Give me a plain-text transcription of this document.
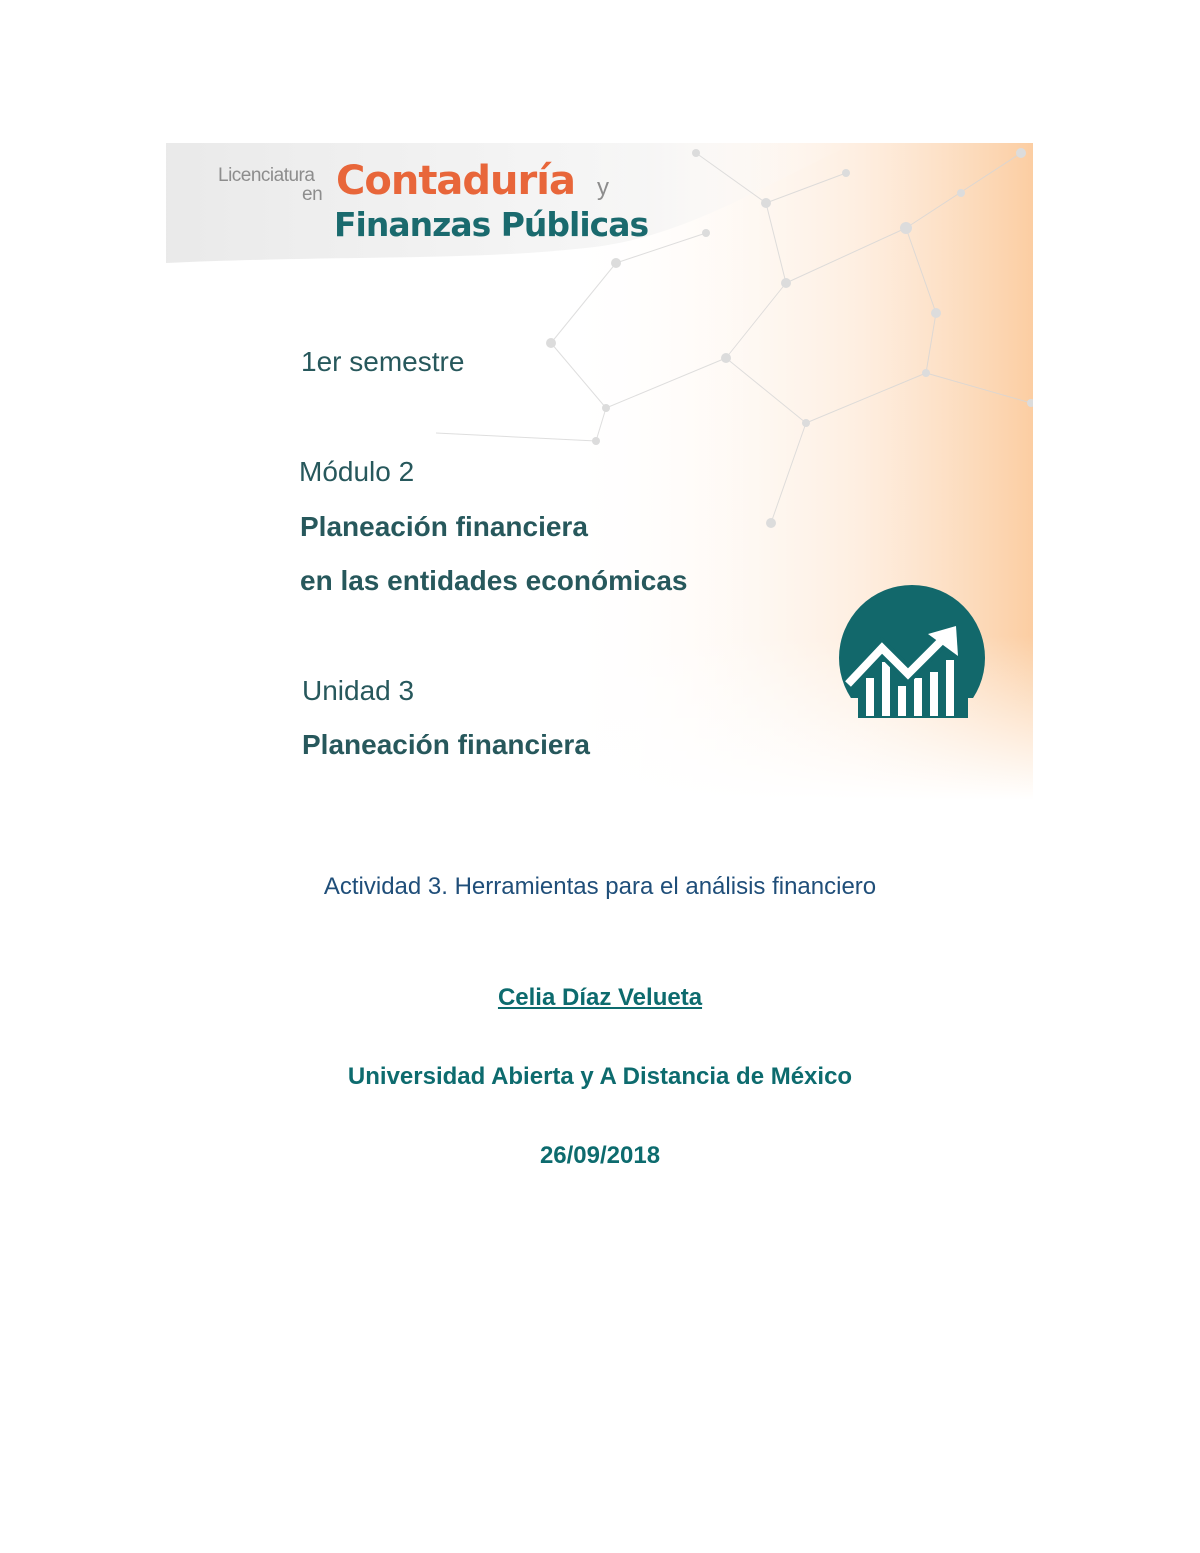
Licenciatura
en Contaduría y
Finanzas Públicas
1er semestre
Módulo 2
Planeación financiera
en las entidades económicas
Unidad 3
Planeación financiera
Actividad 3. Herramientas para el análisis financiero
Celia Díaz Velueta
Universidad Abierta y A Distancia de México
26/09/2018
